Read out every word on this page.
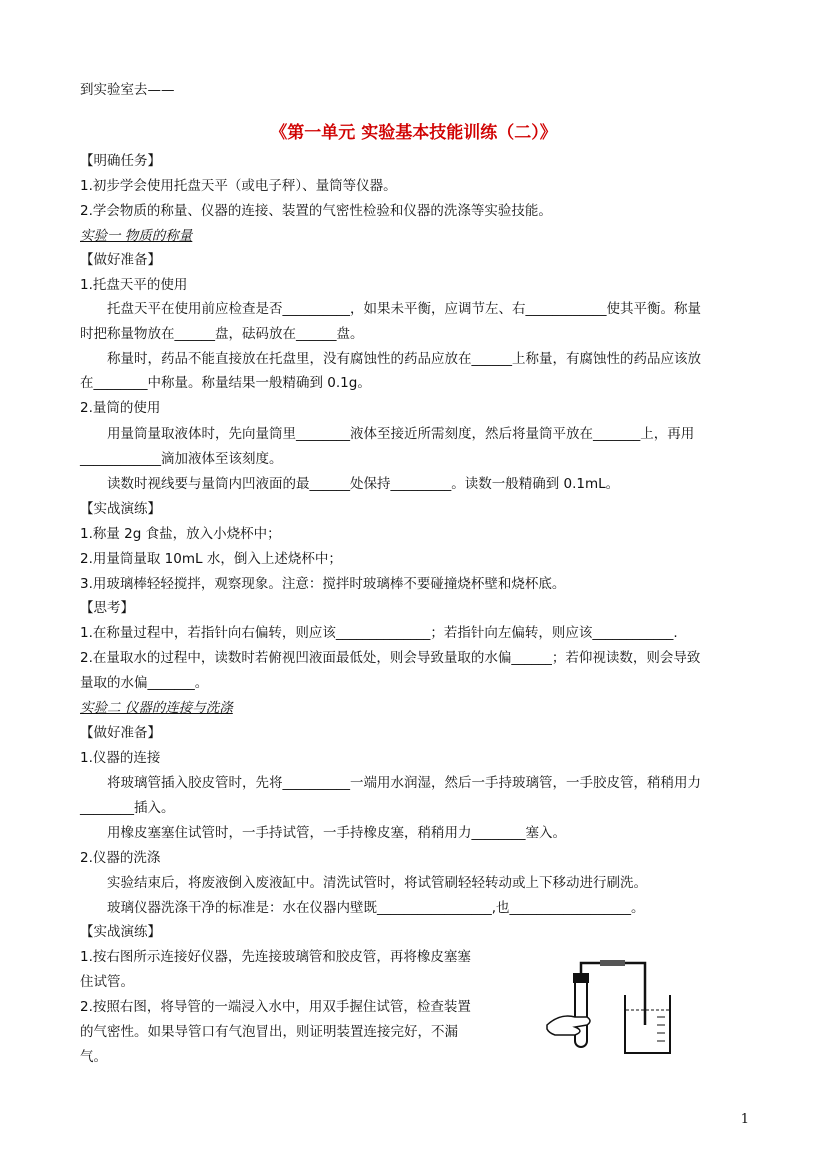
到实验室去——
《第一单元 实验基本技能训练（二）》
【明确任务】
1.初步学会使用托盘天平（或电子秤）、量筒等仪器。
2.学会物质的称量、仪器的连接、装置的气密性检验和仪器的洗涤等实验技能。
实验一 物质的称量
【做好准备】
1.托盘天平的使用
托盘天平在使用前应检查是否__________，如果未平衡，应调节左、右____________使其平衡。称量
时把称量物放在______盘，砝码放在______盘。
称量时，药品不能直接放在托盘里，没有腐蚀性的药品应放在______上称量，有腐蚀性的药品应该放
在________中称量。称量结果一般精确到 0.1g。
2.量筒的使用
用量筒量取液体时，先向量筒里________液体至接近所需刻度，然后将量筒平放在_______上，再用
____________滴加液体至该刻度。
读数时视线要与量筒内凹液面的最______处保持_________。读数一般精确到 0.1mL。
【实战演练】
1.称量 2g 食盐，放入小烧杯中；
2.用量筒量取 10mL 水，倒入上述烧杯中；
3.用玻璃棒轻轻搅拌，观察现象。注意：搅拌时玻璃棒不要碰撞烧杯壁和烧杯底。
【思考】
1.在称量过程中，若指针向右偏转，则应该______________；若指针向左偏转，则应该____________.
2.在量取水的过程中，读数时若俯视凹液面最低处，则会导致量取的水偏______；若仰视读数，则会导致
量取的水偏_______。
实验二 仪器的连接与洗涤
【做好准备】
1.仪器的连接
将玻璃管插入胶皮管时，先将__________一端用水润湿，然后一手持玻璃管，一手胶皮管，稍稍用力
________插入。
用橡皮塞塞住试管时，一手持试管，一手持橡皮塞，稍稍用力________塞入。
2.仪器的洗涤
实验结束后，将废液倒入废液缸中。清洗试管时，将试管刷轻轻转动或上下移动进行刷洗。
玻璃仪器洗涤干净的标准是：水在仪器内壁既_________________,也__________________。
【实战演练】
1.按右图所示连接好仪器，先连接玻璃管和胶皮管，再将橡皮塞塞
住试管。
2.按照右图，将导管的一端浸入水中，用双手握住试管，检查装置
的气密性。如果导管口有气泡冒出，则证明装置连接完好，不漏
气。
1
